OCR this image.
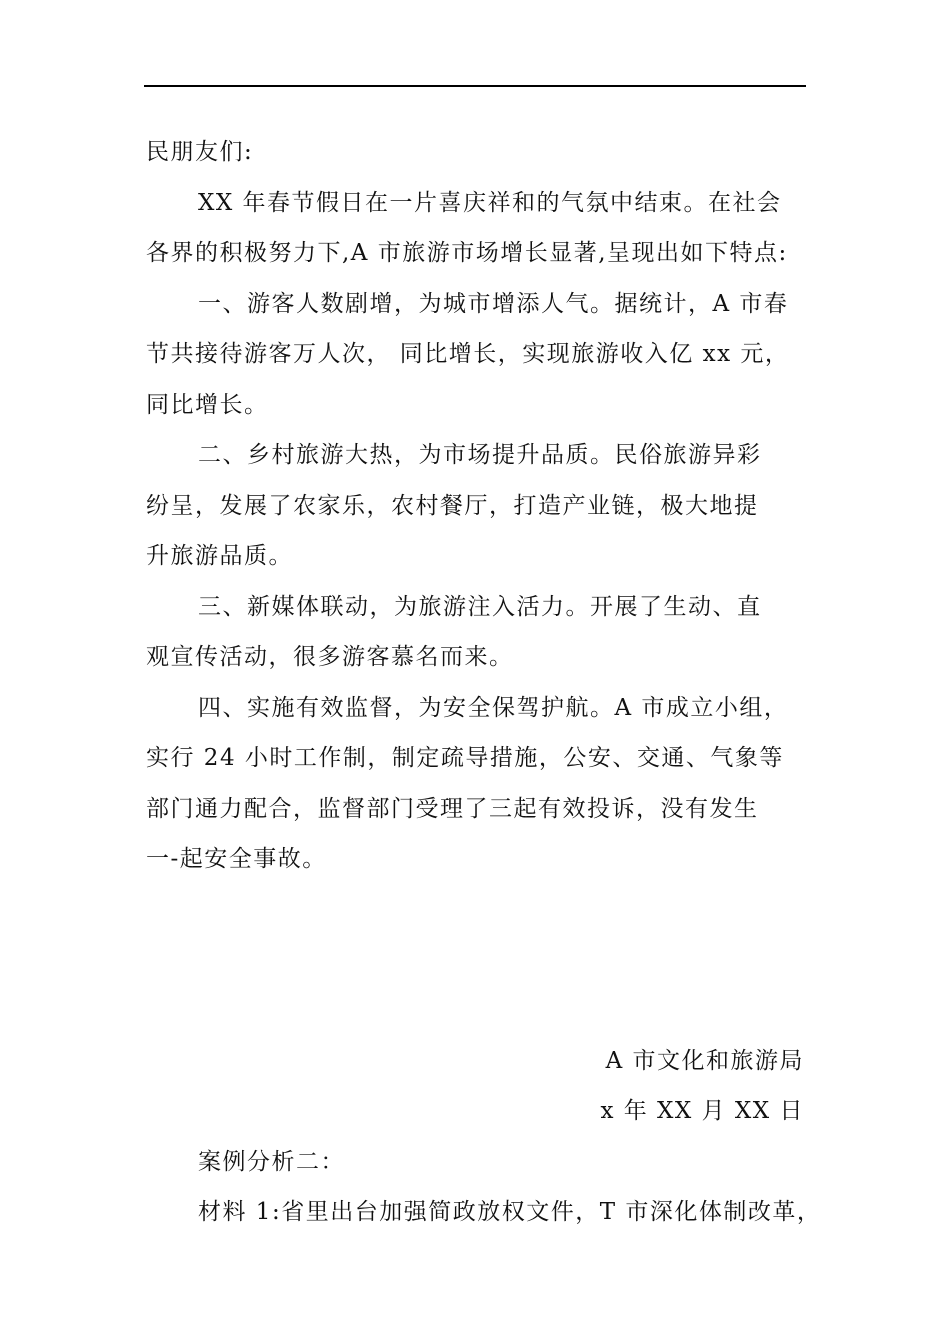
民朋友们:
XX 年春节假日在一片喜庆祥和的气氛中结束。在社会
各界的积极努力下,A 市旅游市场增长显著,呈现出如下特点:
一、游客人数剧增，为城市增添人气。据统计，A 市春
节共接待游客万人次， 同比增长，实现旅游收入亿 xx 元，
同比增长。
二、乡村旅游大热，为市场提升品质。民俗旅游异彩
纷呈，发展了农家乐，农村餐厅，打造产业链，极大地提
升旅游品质。
三、新媒体联动，为旅游注入活力。开展了生动、直
观宣传活动，很多游客慕名而来。
四、实施有效监督，为安全保驾护航。A 市成立小组，
实行 24 小时工作制，制定疏导措施，公安、交通、气象等
部门通力配合，监督部门受理了三起有效投诉，没有发生
一-起安全事故。
A 市文化和旅游局
x 年 XX 月 XX 日
案例分析二：
材料 1:省里出台加强简政放权文件，T 市深化体制改革，
